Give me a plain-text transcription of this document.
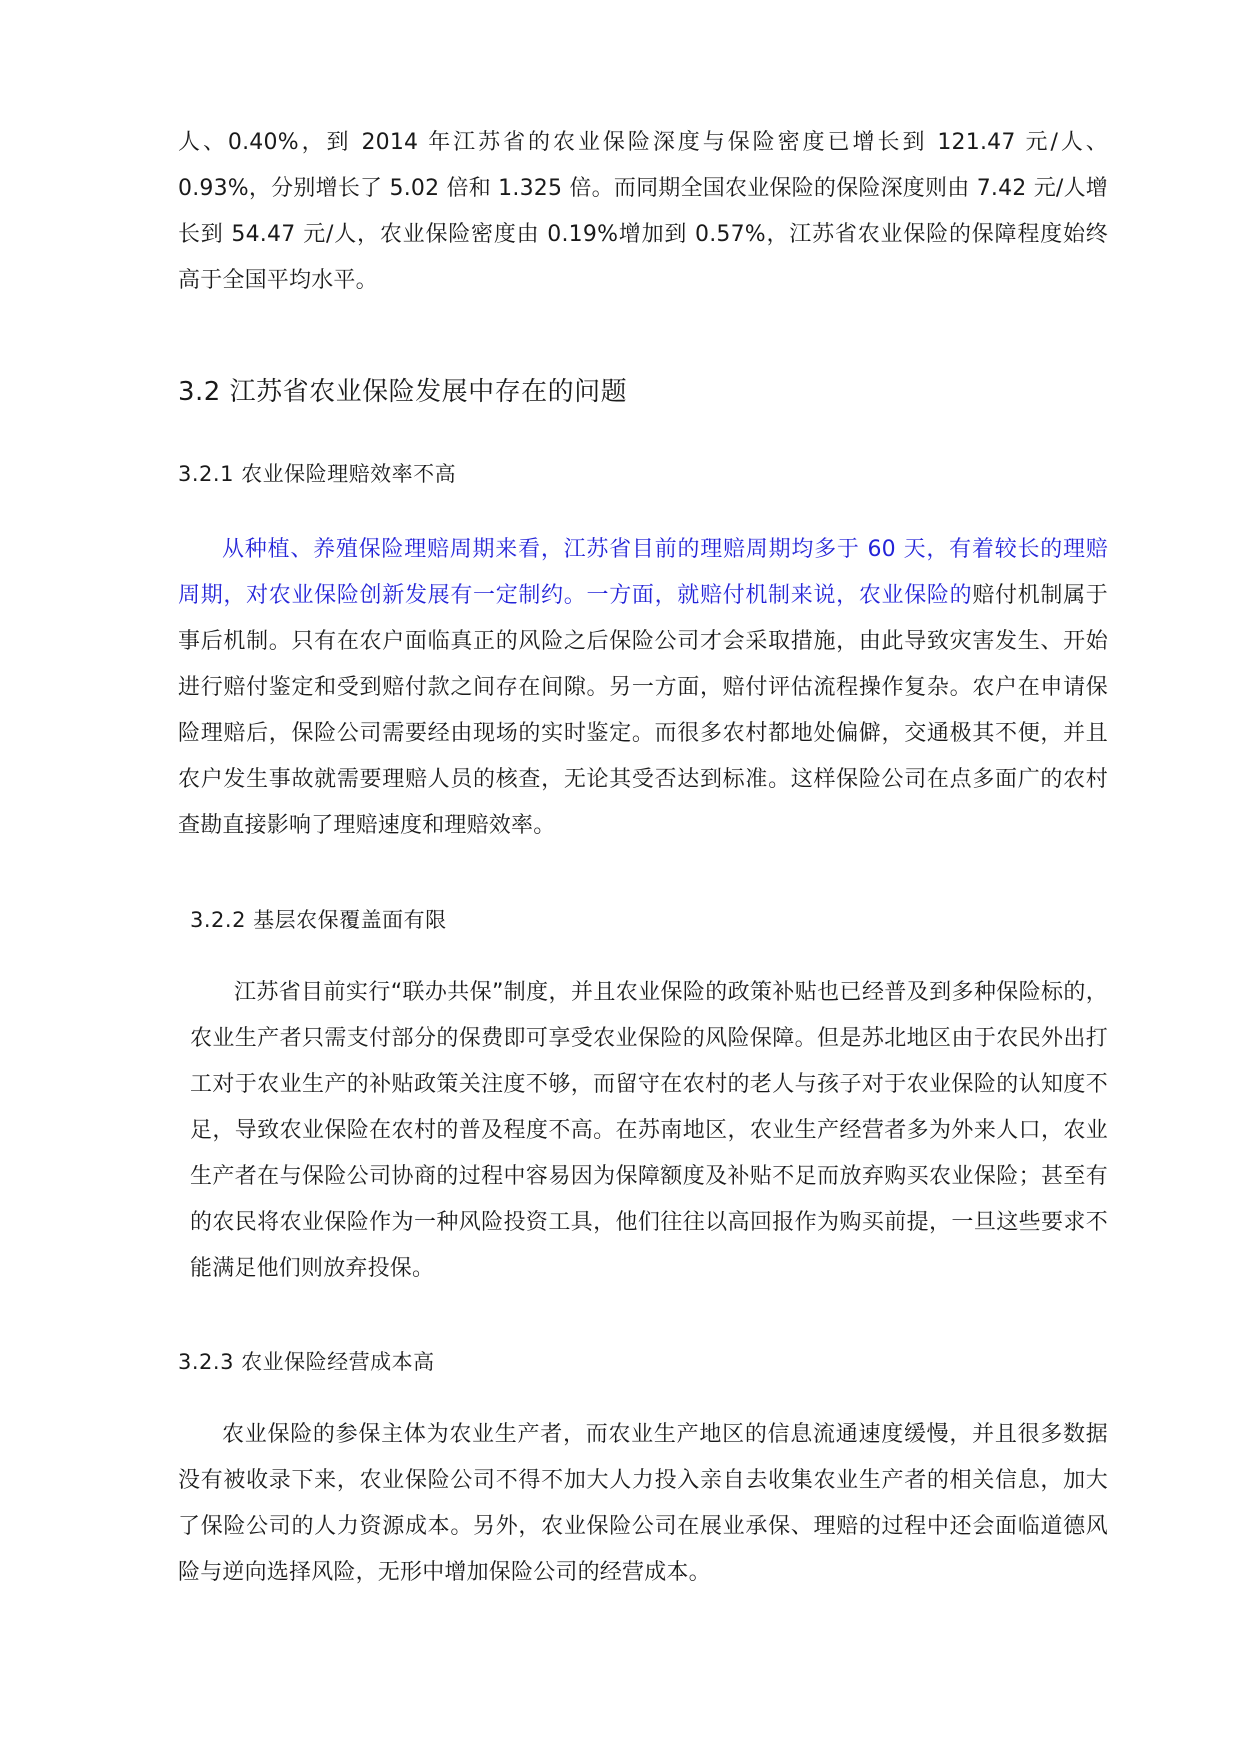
人、0.40%，到 2014 年江苏省的农业保险深度与保险密度已增长到 121.47 元/人、0.93%，分别增长了 5.02 倍和 1.325 倍。而同期全国农业保险的保险深度则由 7.42 元/人增长到 54.47 元/人，农业保险密度由 0.19%增加到 0.57%，江苏省农业保险的保障程度始终高于全国平均水平。

3.2 江苏省农业保险发展中存在的问题
3.2.1 农业保险理赔效率不高

从种植、养殖保险理赔周期来看，江苏省目前的理赔周期均多于 60 天，有着较长的理赔周期，对农业保险创新发展有一定制约。一方面，就赔付机制来说，农业保险的赔付机制属于事后机制。只有在农户面临真正的风险之后保险公司才会采取措施，由此导致灾害发生、开始进行赔付鉴定和受到赔付款之间存在间隙。另一方面，赔付评估流程操作复杂。农户在申请保险理赔后，保险公司需要经由现场的实时鉴定。而很多农村都地处偏僻，交通极其不便，并且农户发生事故就需要理赔人员的核查，无论其受否达到标准。这样保险公司在点多面广的农村查勘直接影响了理赔速度和理赔效率。

3.2.2 基层农保覆盖面有限

江苏省目前实行“联办共保”制度，并且农业保险的政策补贴也已经普及到多种保险标的，农业生产者只需支付部分的保费即可享受农业保险的风险保障。但是苏北地区由于农民外出打工对于农业生产的补贴政策关注度不够，而留守在农村的老人与孩子对于农业保险的认知度不足，导致农业保险在农村的普及程度不高。在苏南地区，农业生产经营者多为外来人口，农业生产者在与保险公司协商的过程中容易因为保障额度及补贴不足而放弃购买农业保险；甚至有的农民将农业保险作为一种风险投资工具，他们往往以高回报作为购买前提，一旦这些要求不能满足他们则放弃投保。

3.2.3 农业保险经营成本高

农业保险的参保主体为农业生产者，而农业生产地区的信息流通速度缓慢，并且很多数据没有被收录下来，农业保险公司不得不加大人力投入亲自去收集农业生产者的相关信息，加大了保险公司的人力资源成本。另外，农业保险公司在展业承保、理赔的过程中还会面临道德风险与逆向选择风险，无形中增加保险公司的经营成本。
